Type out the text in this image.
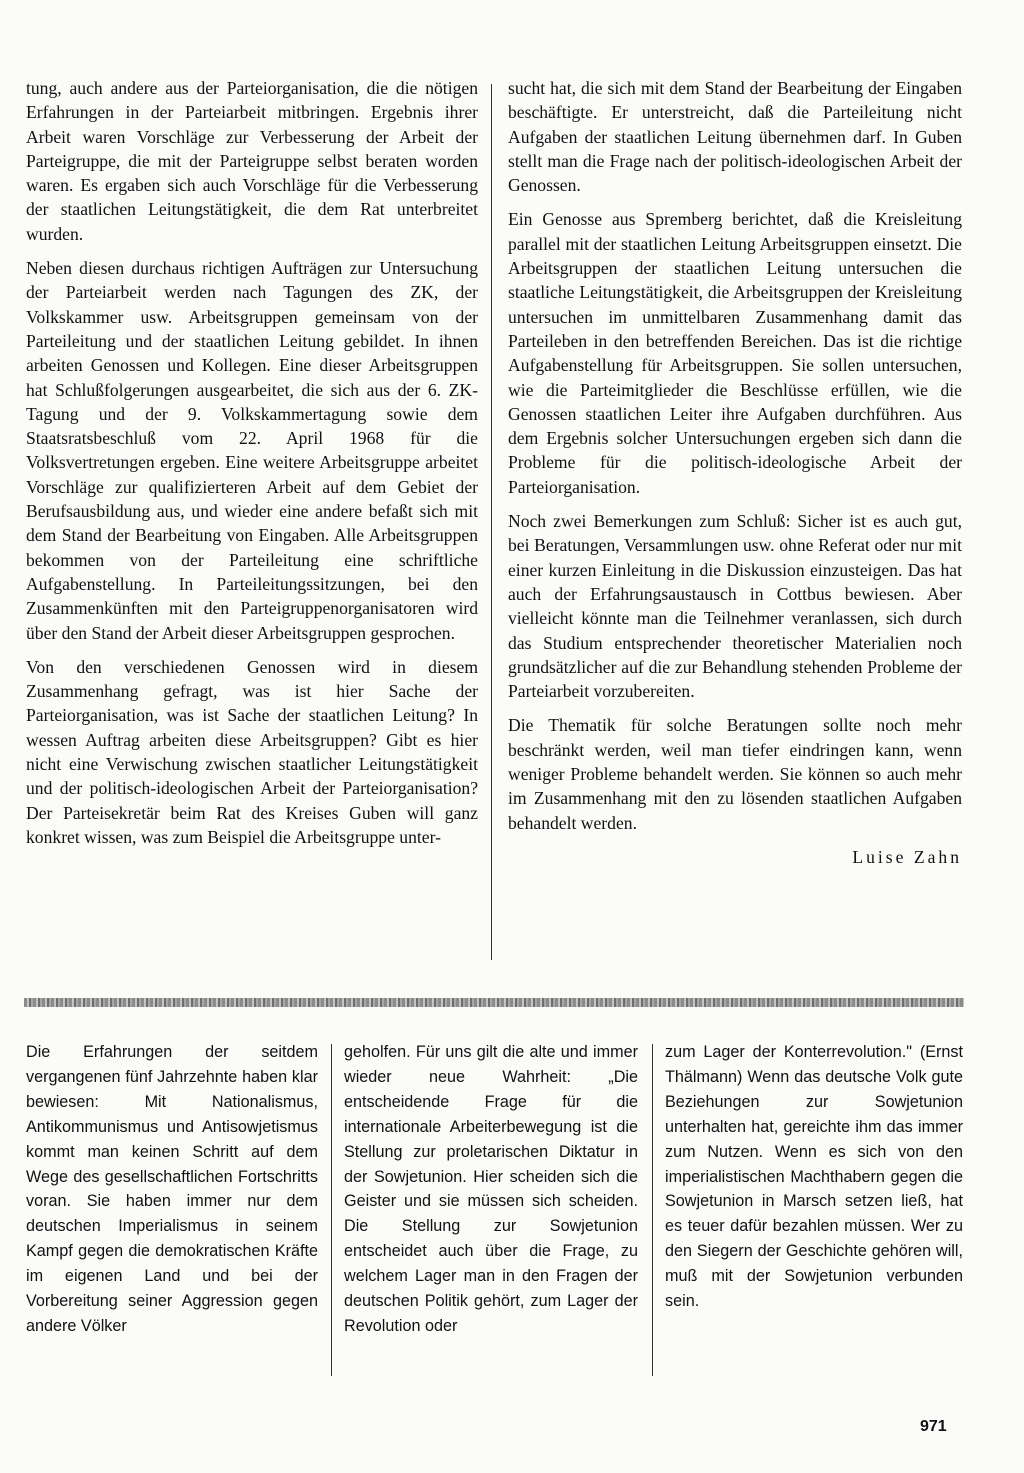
tung, auch andere aus der Parteiorganisation, die die nötigen Erfahrungen in der Parteiarbeit mitbringen. Ergebnis ihrer Arbeit waren Vorschläge zur Verbesserung der Arbeit der Parteigruppe, die mit der Parteigruppe selbst beraten worden waren. Es ergaben sich auch Vorschläge für die Verbesserung der staatlichen Leitungstätigkeit, die dem Rat unterbreitet wurden.

Neben diesen durchaus richtigen Aufträgen zur Untersuchung der Parteiarbeit werden nach Tagungen des ZK, der Volkskammer usw. Arbeitsgruppen gemeinsam von der Parteileitung und der staatlichen Leitung gebildet. In ihnen arbeiten Genossen und Kollegen. Eine dieser Arbeitsgruppen hat Schlußfolgerungen ausgearbeitet, die sich aus der 6. ZK-Tagung und der 9. Volkskammertagung sowie dem Staatsratsbeschluß vom 22. April 1968 für die Volksvertretungen ergeben. Eine weitere Arbeitsgruppe arbeitet Vorschläge zur qualifizierteren Arbeit auf dem Gebiet der Berufsausbildung aus, und wieder eine andere befaßt sich mit dem Stand der Bearbeitung von Eingaben. Alle Arbeitsgruppen bekommen von der Parteileitung eine schriftliche Aufgabenstellung. In Parteileitungssitzungen, bei den Zusammenkünften mit den Parteigruppenorganisatoren wird über den Stand der Arbeit dieser Arbeitsgruppen gesprochen.

Von den verschiedenen Genossen wird in diesem Zusammenhang gefragt, was ist hier Sache der Parteiorganisation, was ist Sache der staatlichen Leitung? In wessen Auftrag arbeiten diese Arbeitsgruppen? Gibt es hier nicht eine Verwischung zwischen staatlicher Leitungstätigkeit und der politisch-ideologischen Arbeit der Parteiorganisation? Der Parteisekretär beim Rat des Kreises Guben will ganz konkret wissen, was zum Beispiel die Arbeitsgruppe unter-

sucht hat, die sich mit dem Stand der Bearbeitung der Eingaben beschäftigte. Er unterstreicht, daß die Parteileitung nicht Aufgaben der staatlichen Leitung übernehmen darf. In Guben stellt man die Frage nach der politisch-ideologischen Arbeit der Genossen.

Ein Genosse aus Spremberg berichtet, daß die Kreisleitung parallel mit der staatlichen Leitung Arbeitsgruppen einsetzt. Die Arbeitsgruppen der staatlichen Leitung untersuchen die staatliche Leitungstätigkeit, die Arbeitsgruppen der Kreisleitung untersuchen im unmittelbaren Zusammenhang damit das Parteileben in den betreffenden Bereichen. Das ist die richtige Aufgabenstellung für Arbeitsgruppen. Sie sollen untersuchen, wie die Parteimitglieder die Beschlüsse erfüllen, wie die Genossen staatlichen Leiter ihre Aufgaben durchführen. Aus dem Ergebnis solcher Untersuchungen ergeben sich dann die Probleme für die politisch-ideologische Arbeit der Parteiorganisation.

Noch zwei Bemerkungen zum Schluß: Sicher ist es auch gut, bei Beratungen, Versammlungen usw. ohne Referat oder nur mit einer kurzen Einleitung in die Diskussion einzusteigen. Das hat auch der Erfahrungsaustausch in Cottbus bewiesen. Aber vielleicht könnte man die Teilnehmer veranlassen, sich durch das Studium entsprechender theoretischer Materialien noch grundsätzlicher auf die zur Behandlung stehenden Probleme der Parteiarbeit vorzubereiten.

Die Thematik für solche Beratungen sollte noch mehr beschränkt werden, weil man tiefer eindringen kann, wenn weniger Probleme behandelt werden. Sie können so auch mehr im Zusammenhang mit den zu lösenden staatlichen Aufgaben behandelt werden.

Luise Zahn

Die Erfahrungen der seitdem vergangenen fünf Jahrzehnte haben klar bewiesen: Mit Nationalismus, Antikommunismus und Antisowjetismus kommt man keinen Schritt auf dem Wege des gesellschaftlichen Fortschritts voran. Sie haben immer nur dem deutschen Imperialismus in seinem Kampf gegen die demokratischen Kräfte im eigenen Land und bei der Vorbereitung seiner Aggression gegen andere Völker

geholfen. Für uns gilt die alte und immer wieder neue Wahrheit: „Die entscheidende Frage für die internationale Arbeiterbewegung ist die Stellung zur proletarischen Diktatur in der Sowjetunion. Hier scheiden sich die Geister und sie müssen sich scheiden. Die Stellung zur Sowjetunion entscheidet auch über die Frage, zu welchem Lager man in den Fragen der deutschen Politik gehört, zum Lager der Revolution oder

zum Lager der Konterrevolution." (Ernst Thälmann) Wenn das deutsche Volk gute Beziehungen zur Sowjetunion unterhalten hat, gereichte ihm das immer zum Nutzen. Wenn es sich von den imperialistischen Machthabern gegen die Sowjetunion in Marsch setzen ließ, hat es teuer dafür bezahlen müssen. Wer zu den Siegern der Geschichte gehören will, muß mit der Sowjetunion verbunden sein.

971
